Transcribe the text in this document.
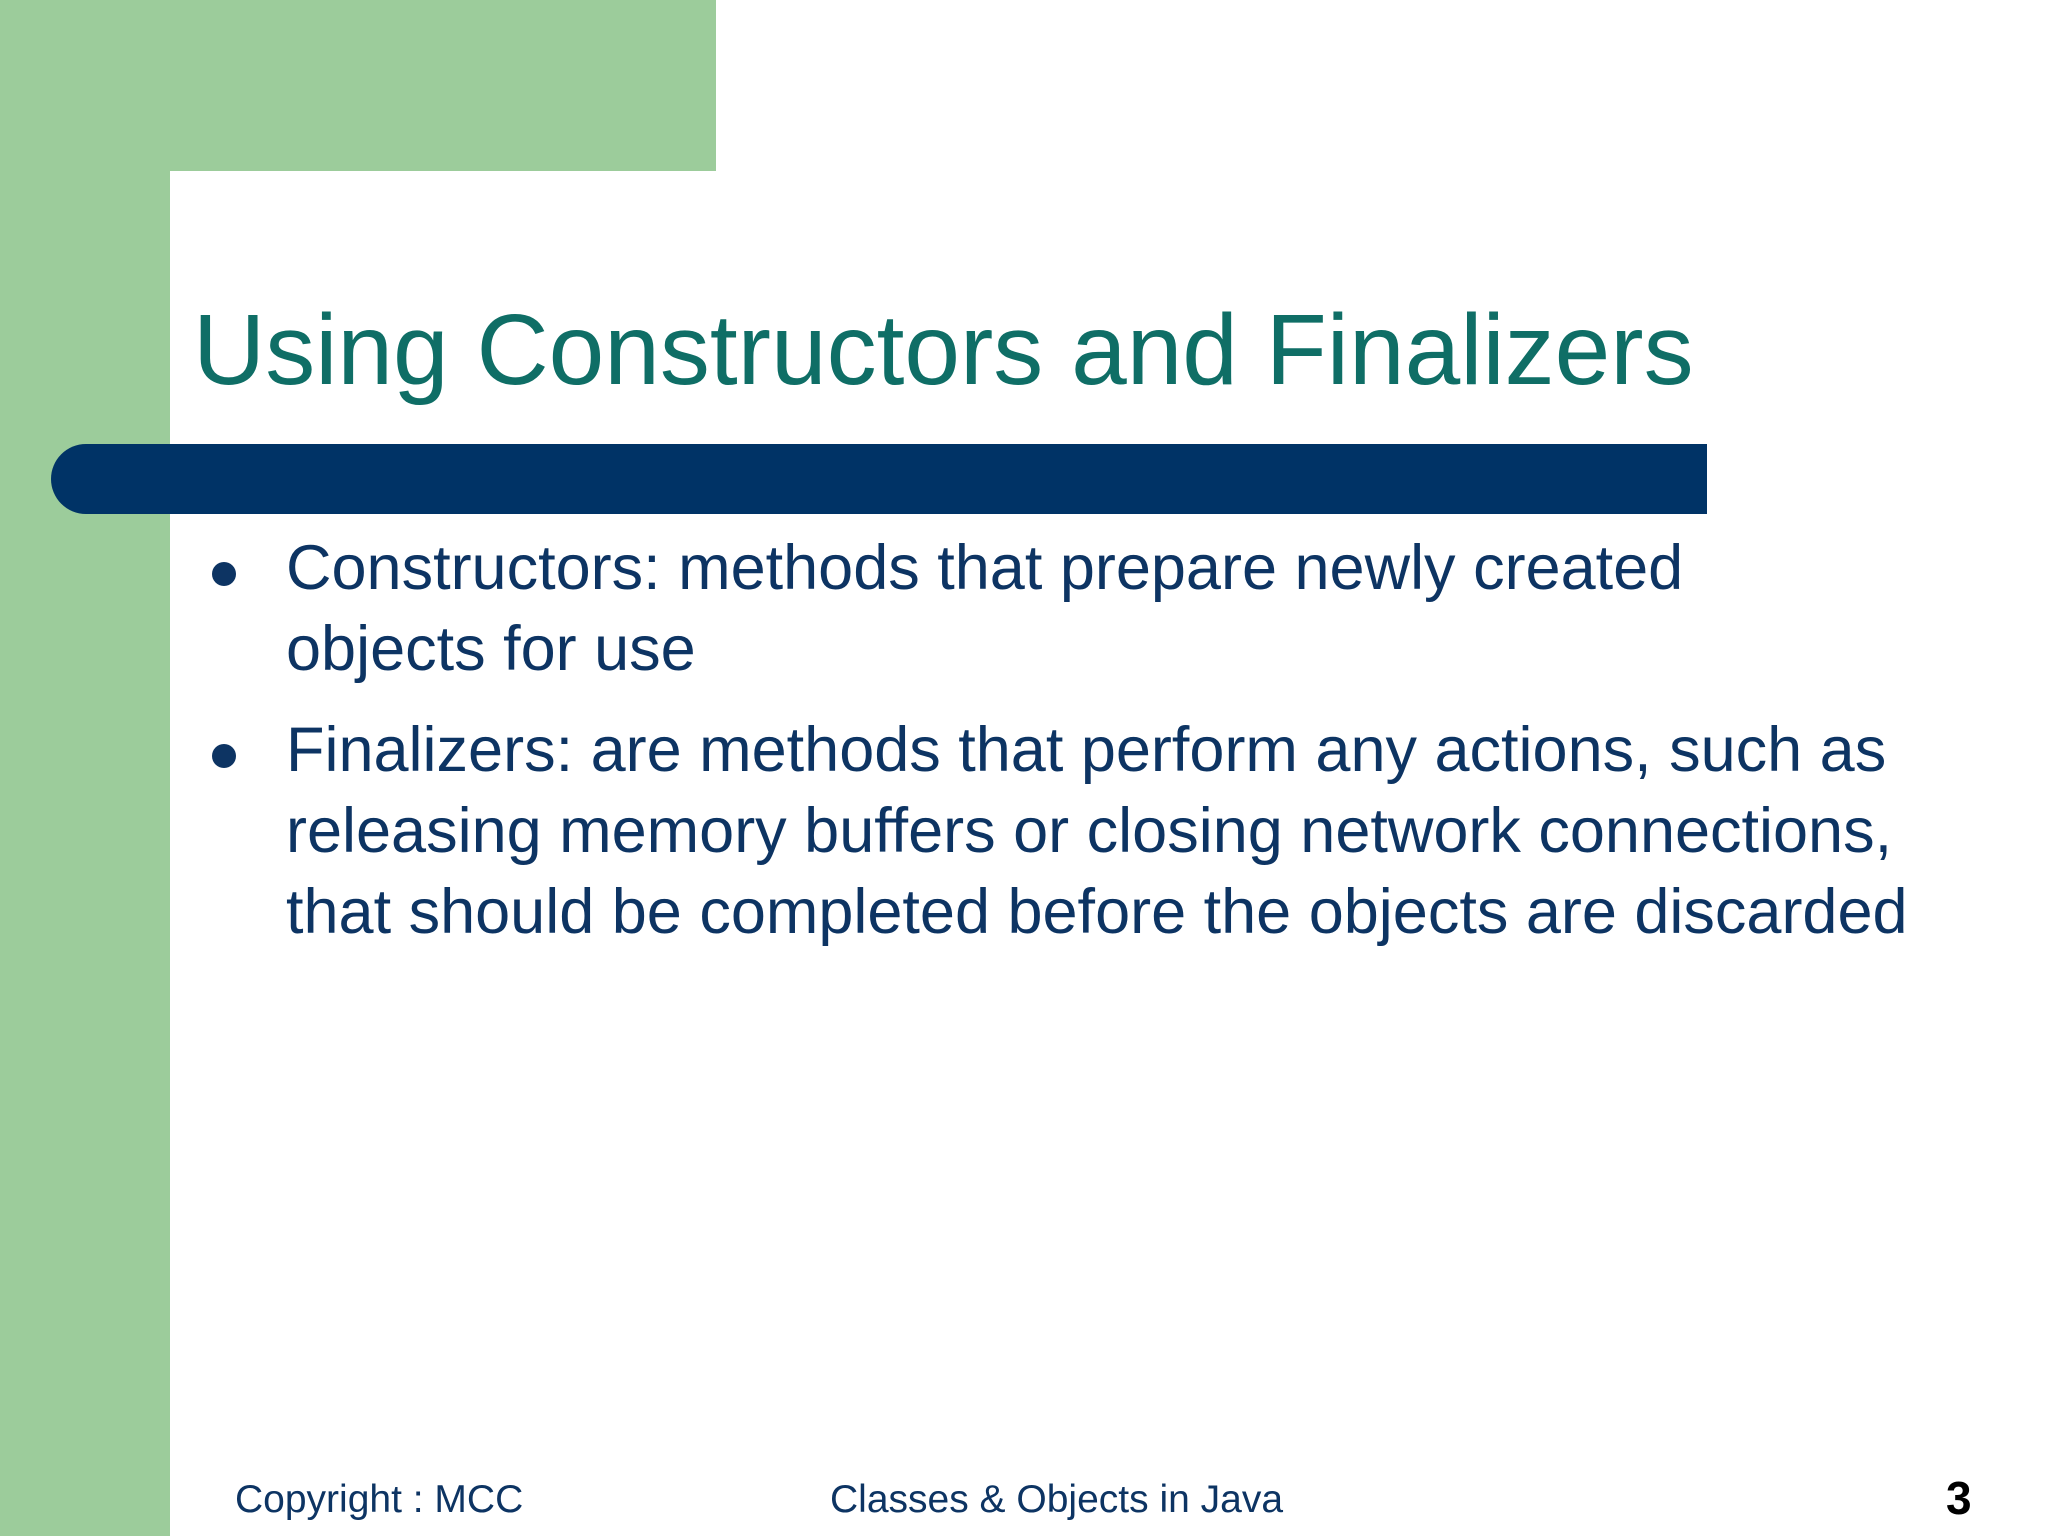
Using Constructors and Finalizers
Constructors: methods that prepare newly created objects for use
Finalizers: are methods that perform any actions, such as releasing memory buffers or closing network connections, that should be completed before the objects are discarded
Copyright : MCC	Classes & Objects in Java	3
